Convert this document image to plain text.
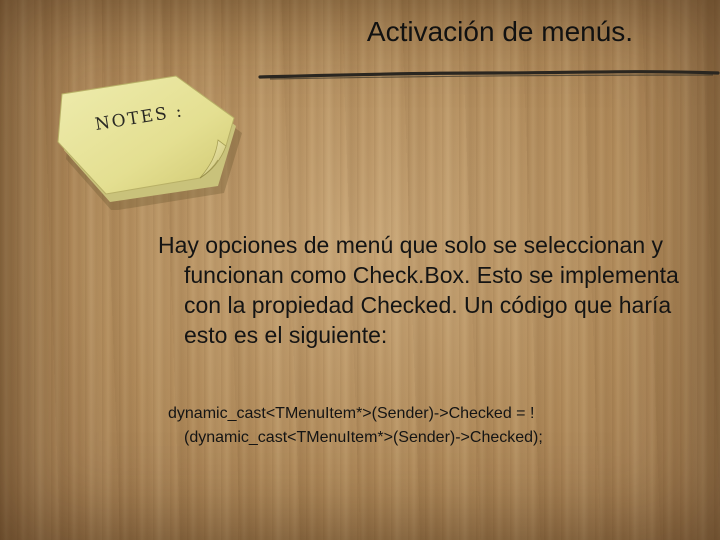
Activación de menús.
NOTES :

Hay opciones de menú que solo se seleccionan y funcionan como Check.Box. Esto se implementa con la propiedad Checked. Un código que haría esto es el siguiente:

dynamic_cast<TMenuItem*>(Sender)->Checked = !(dynamic_cast<TMenuItem*>(Sender)->Checked);
